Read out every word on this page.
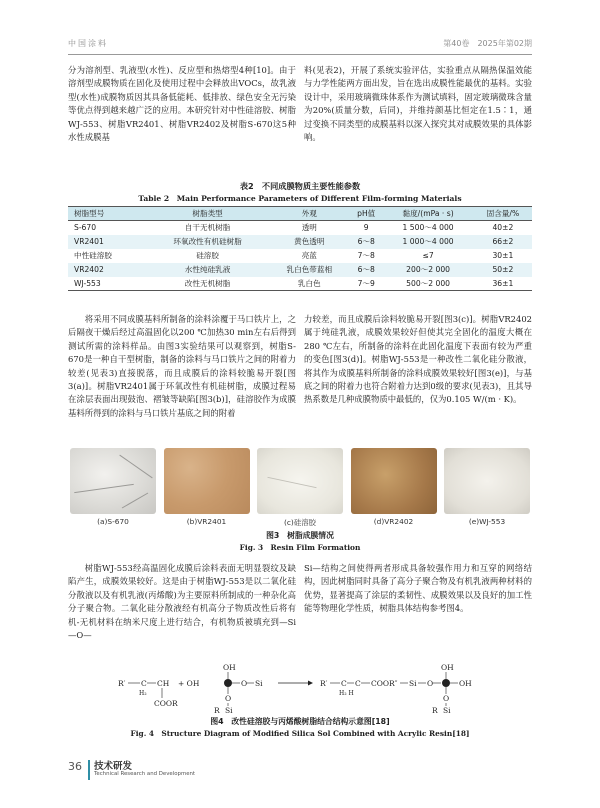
中国涂料	第40卷　2025年第02期

分为溶剂型、乳液型(水性)、反应型和热熔型4种[10]。由于溶剂型成膜物质在固化及使用过程中会释放出VOCs，故乳液型(水性)成膜物质因其具备低能耗、低排放、绿色安全无污染等优点得到越来越广泛的应用。本研究针对中性硅溶胶、树脂WJ-553、树脂VR2401、树脂VR2402及树脂S-670这5种水性成膜基

料(见表2)，开展了系统实验评估，实验重点从隔热保温效能与力学性能两方面出发，旨在选出成膜性能最优的基料。实验设计中，采用玻璃微珠体系作为测试填料，固定玻璃微珠含量为20%(质量分数，后同)，并维持颜基比恒定在1.5∶1，通过变换不同类型的成膜基料以深入探究其对成膜效果的具体影响。

表2　不同成膜物质主要性能参数
Table 2　Main Performance Parameters of Different Film-forming Materials
树脂型号	树脂类型	外观	pH值	黏度/(mPa · s)	固含量/%
S-670	自干无机树脂	透明	9	1 500～4 000	40±2
VR2401	环氧改性有机硅树脂	黄色透明	6～8	1 000～4 000	66±2
中性硅溶胶	硅溶胶	亮蓝	7～8	≤7	30±1
VR2402	水性纯硅乳液	乳白色带蓝相	6～8	200～2 000	50±2
WJ-553	改性无机树脂	乳白色	7～9	500～2 000	36±1

将采用不同成膜基料所制备的涂料涂覆于马口铁片上，之后隔夜干燥后经过高温固化以200 ℃加热30 min左右后得到测试所需的涂料样品。由图3实验结果可以观察到，树脂S-670是一种自干型树脂，制备的涂料与马口铁片之间的附着力较差(见表3)直接脱落，而且成膜后的涂料较脆易开裂[图3(a)]。树脂VR2401属于环氧改性有机硅树脂，成膜过程易在涂层表面出现鼓泡、褶皱等缺陷[图3(b)]，硅溶胶作为成膜基料所得到的涂料与马口铁片基底之间的附着

力较差，而且成膜后涂料较脆易开裂[图3(c)]。树脂VR2402属于纯硅乳液，成膜效果较好但使其完全固化的温度大概在280 ℃左右，所制备的涂料在此固化温度下表面有较为严重的变色[图3(d)]。树脂WJ-553是一种改性二氧化硅分散液，将其作为成膜基料所制备的涂料成膜效果较好[图3(e)]，与基底之间的附着力也符合附着力达到0级的要求(见表3)，且其导热系数是几种成膜物质中最低的，仅为0.105 W/(m · K)。

(a)S-670	(b)VR2401	(c)硅溶胶	(d)VR2402	(e)WJ-553
图3　树脂成膜情况
Fig. 3　Resin Film Formation

树脂WJ-553经高温固化成膜后涂料表面无明显裂纹及缺陷产生，成膜效果较好。这是由于树脂WJ-553是以二氧化硅分散液以及有机乳液(丙烯酸)为主要原料所制成的一种杂化高分子聚合物。二氧化硅分散液经有机高分子物质改性后将有机-无机材料在纳米尺度上进行结合，有机物质被填充到—Si—O—

Si—结构之间使得两者形成具备较强作用力和互穿的网络结构，因此树脂同时具备了高分子聚合物及有机乳液两种材料的优势，显著提高了涂层的柔韧性、成膜效果以及良好的加工性能等物理化学性质，树脂具体结构参考图4。

R′ C CH
H₂
COOR
+ OH
OH
O Si
O
R Si
R′ C C
H₂ H
COOR″ Si O
OH
OH
O
R Si
图4　改性硅溶胶与丙烯酸树脂结合结构示意图[18]
Fig. 4　Structure Diagram of Modified Silica Sol Combined with Acrylic Resin[18]
36 技术研发
Technical Research and Development
